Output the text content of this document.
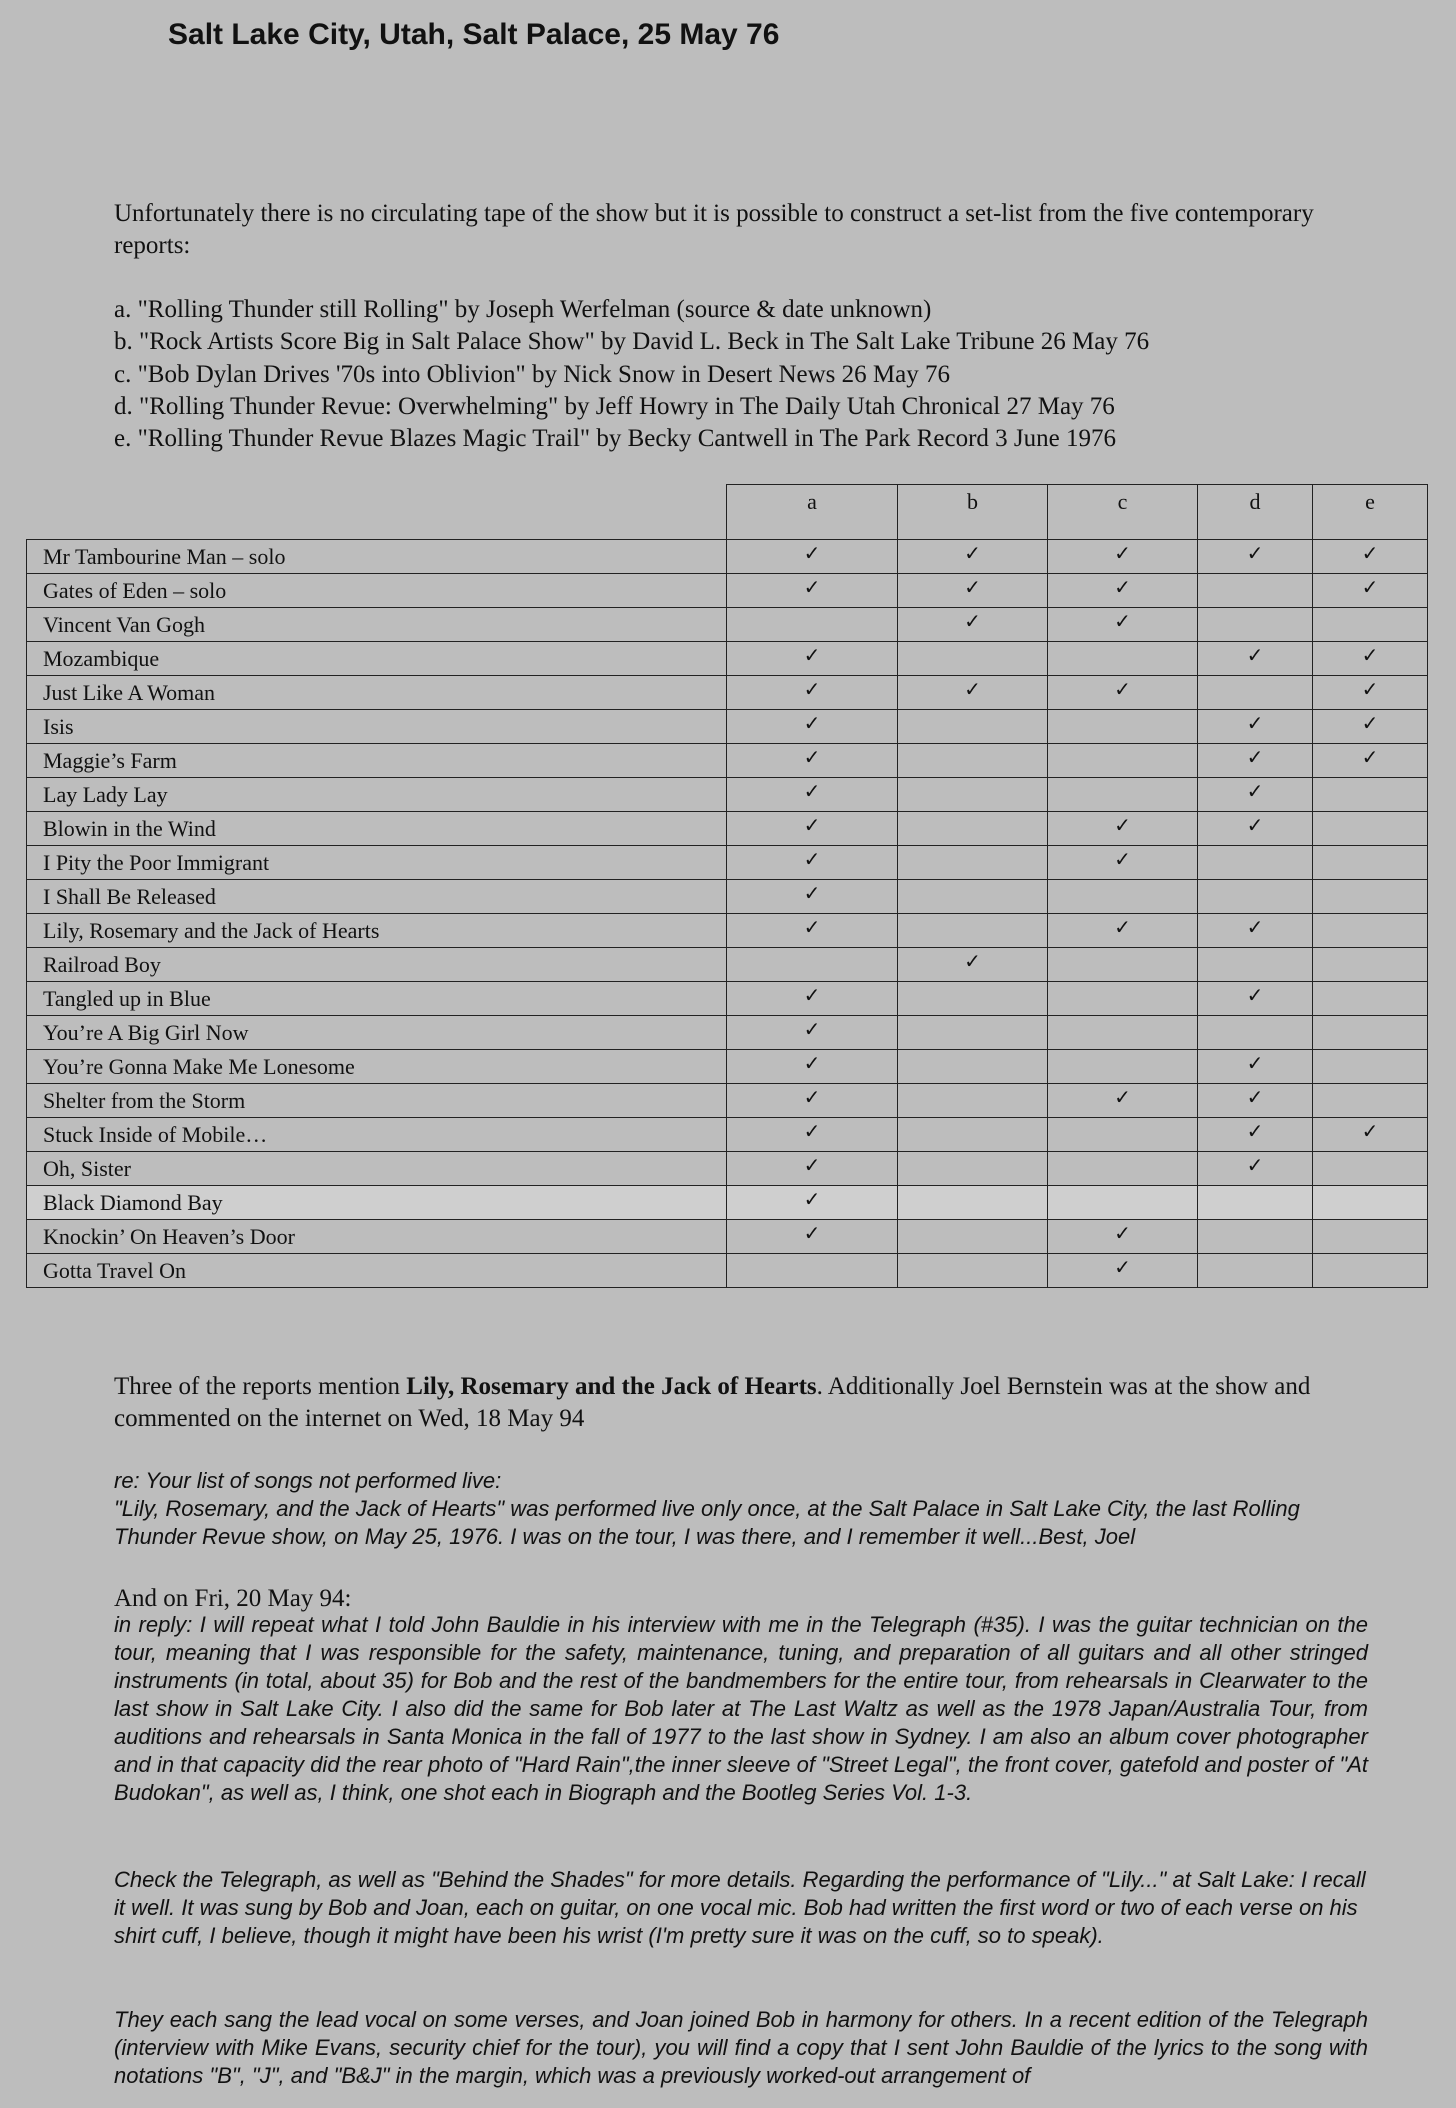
Salt Lake City, Utah, Salt Palace, 25 May 76
Unfortunately there is no circulating tape of the show but it is possible to construct a set-list from the five contemporary
reports:
a. "Rolling Thunder still Rolling" by Joseph Werfelman (source & date unknown)
b. "Rock Artists Score Big in Salt Palace Show" by David L. Beck in The Salt Lake Tribune 26 May 76
c. "Bob Dylan Drives '70s into Oblivion" by Nick Snow in Desert News 26 May 76
d. "Rolling Thunder Revue: Overwhelming" by Jeff Howry in The Daily Utah Chronical 27 May 76
e. "Rolling Thunder Revue Blazes Magic Trail" by Becky Cantwell in The Park Record 3 June 1976
	a	b	c	d	e
Mr Tambourine Man – solo	✓	✓	✓	✓	✓
Gates of Eden – solo	✓	✓	✓		✓
Vincent Van Gogh		✓	✓		
Mozambique	✓			✓	✓
Just Like A Woman	✓	✓	✓		✓
Isis	✓			✓	✓
Maggie’s Farm	✓			✓	✓
Lay Lady Lay	✓			✓	
Blowin in the Wind	✓		✓	✓	
I Pity the Poor Immigrant	✓		✓		
I Shall Be Released	✓				
Lily, Rosemary and the Jack of Hearts	✓		✓	✓	
Railroad Boy		✓			
Tangled up in Blue	✓			✓	
You’re A Big Girl Now	✓				
You’re Gonna Make Me Lonesome	✓			✓	
Shelter from the Storm	✓		✓	✓	
Stuck Inside of Mobile…	✓			✓	✓
Oh, Sister	✓			✓	
Black Diamond Bay	✓				
Knockin’ On Heaven’s Door	✓		✓		
Gotta Travel On			✓		
Three of the reports mention Lily, Rosemary and the Jack of Hearts. Additionally Joel Bernstein was at the show and commented on the internet on Wed, 18 May 94

re: Your list of songs not performed live:

"Lily, Rosemary, and the Jack of Hearts" was performed live only once, at the Salt Palace in Salt Lake City, the last Rolling Thunder Revue show, on May 25, 1976. I was on the tour, I was there, and I remember it well...Best, Joel

And on Fri, 20 May 94:

in reply: I will repeat what I told John Bauldie in his interview with me in the Telegraph (#35). I was the guitar technician on the tour, meaning that I was responsible for the safety, maintenance, tuning, and preparation of all guitars and all other stringed instruments (in total, about 35) for Bob and the rest of the bandmembers for the entire tour, from rehearsals in Clearwater to the last show in Salt Lake City. I also did the same for Bob later at The Last Waltz as well as the 1978 Japan/Australia Tour, from auditions and rehearsals in Santa Monica in the fall of 1977 to the last show in Sydney. I am also an album cover photographer and in that capacity did the rear photo of "Hard Rain",the inner sleeve of "Street Legal", the front cover, gatefold and poster of "At Budokan", as well as, I think, one shot each in Biograph and the Bootleg Series Vol. 1-3.

Check the Telegraph, as well as "Behind the Shades" for more details. Regarding the performance of "Lily..." at Salt Lake: I recall it well. It was sung by Bob and Joan, each on guitar, on one vocal mic. Bob had written the first word or two of each verse on his shirt cuff, I believe, though it might have been his wrist (I'm pretty sure it was on the cuff, so to speak).

They each sang the lead vocal on some verses, and Joan joined Bob in harmony for others. In a recent edition of the Telegraph (interview with Mike Evans, security chief for the tour), you will find a copy that I sent John Bauldie of the lyrics to the song with notations "B", "J", and "B&J" in the margin, which was a previously worked-out arrangement of
